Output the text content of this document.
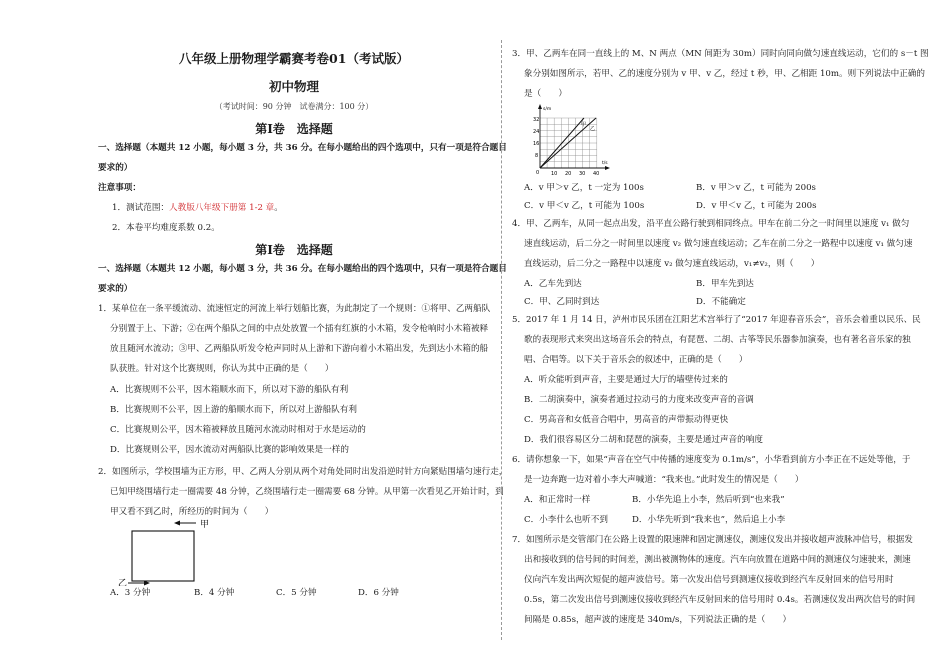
八年级上册物理学霸赛考卷01（考试版）
初中物理
（考试时间：90 分钟　试卷满分：100 分）
第Ⅰ卷　选择题
一、选择题（本题共 12 小题，每小题 3 分，共 36 分。在每小题给出的四个选项中，只有一项是符合题目
要求的）
注意事项：
1．测试范围：人教版八年级下册第 1-2 章。
2．本卷平均难度系数 0.2。
第Ⅰ卷　选择题
一、选择题（本题共 12 小题，每小题 3 分，共 36 分。在每小题给出的四个选项中，只有一项是符合题目
要求的）
1．某单位在一条平缓流动、流速恒定的河流上举行划船比赛，为此制定了一个规则：①将甲、乙两船队
分别置于上、下游；②在两个船队之间的中点处放置一个插有红旗的小木箱，发令枪响时小木箱被释
放且随河水流动；③甲、乙两船队听发令枪声同时从上游和下游向着小木箱出发，先到达小木箱的船
队获胜。针对这个比赛规则，你认为其中正确的是（　　）
A．比赛规则不公平，因木箱顺水而下，所以对下游的船队有利
B．比赛规则不公平，因上游的船顺水而下，所以对上游船队有利
C．比赛规则公平，因木箱被释放且随河水流动时相对于水是运动的
D．比赛规则公平，因水流动对两船队比赛的影响效果是一样的
2．如图所示，学校围墙为正方形，甲、乙两人分别从两个对角处同时出发沿逆时针方向紧贴围墙匀速行走，
已知甲绕围墙行走一圈需要 48 分钟，乙绕围墙行走一圈需要 68 分钟。从甲第一次看见乙开始计时，到
甲又看不到乙时，所经历的时间为（　　）
甲
乙
A．3 分钟	B．4 分钟	C．5 分钟	D．6 分钟
3．甲、乙两车在同一直线上的 M、N 两点（MN 间距为 30m）同时向同向做匀速直线运动，它们的 s－t 图
象分别如图所示，若甲、乙的速度分别为 v 甲、v 乙，经过 t 秒，甲、乙相距 10m。则下列说法中正确的
是（　　）
s/m
t/s
32
24
16
8
0 10 20 30 40
甲
乙
A．v 甲＞v 乙，t 一定为 100s	B．v 甲＞v 乙，t 可能为 200s
C．v 甲＜v 乙，t 可能为 100s	D．v 甲＜v 乙，t 可能为 200s
4．甲、乙两车，从同一起点出发，沿平直公路行驶到相同终点。甲车在前二分之一时间里以速度 v₁ 做匀
速直线运动，后二分之一时间里以速度 v₂ 做匀速直线运动；乙车在前二分之一路程中以速度 v₁ 做匀速
直线运动，后二分之一路程中以速度 v₂ 做匀速直线运动，v₁≠v₂，则（　　）
A．乙车先到达	B．甲车先到达
C．甲、乙同时到达	D．不能确定
5．2017 年 1 月 14 日，泸州市民乐团在江阳艺术宫举行了“2017 年迎春音乐会”，音乐会着重以民乐、民
歌的表现形式来突出这场音乐会的特点，有琵琶、二胡、古筝等民乐器参加演奏，也有著名音乐家的独
唱、合唱等。以下关于音乐会的叙述中，正确的是（　　）
A．听众能听到声音，主要是通过大厅的墙壁传过来的
B．二胡演奏中，演奏者通过拉动弓的力度来改变声音的音调
C．男高音和女低音合唱中，男高音的声带振动得更快
D．我们很容易区分二胡和琵琶的演奏，主要是通过声音的响度
6．请你想象一下，如果“声音在空气中传播的速度变为 0.1m/s”，小华看到前方小李正在不远处等他，于
是一边奔跑一边对着小李大声喊道：“我来也。”此时发生的情况是（　　）
A．和正常时一样	B．小华先追上小李，然后听到“也来我”
C．小李什么也听不到	D．小华先听到“我来也”，然后追上小李
7．如图所示是交管部门在公路上设置的限速牌和固定测速仪，测速仪发出并接收超声波脉冲信号，根据发
出和接收到的信号间的时间差，测出被测物体的速度。汽车向放置在道路中间的测速仪匀速驶来，测速
仪向汽车发出两次短促的超声波信号。第一次发出信号到测速仪接收到经汽车反射回来的信号用时
0.5s，第二次发出信号到测速仪接收到经汽车反射回来的信号用时 0.4s。若测速仪发出两次信号的时间
间隔是 0.85s，超声波的速度是 340m/s，下列说法正确的是（　　）
